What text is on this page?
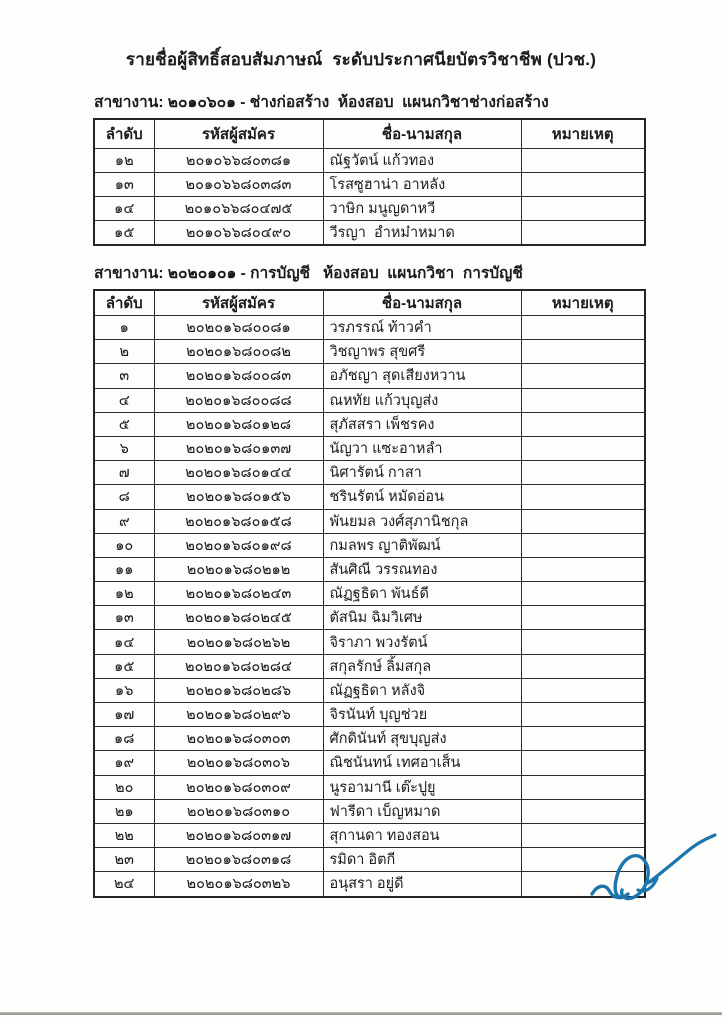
รายชื่อผู้สิทธิ์สอบสัมภาษณ์  ระดับประกาศนียบัตรวิชาชีพ (ปวช.)
สาขางาน: ๒๐๑๐๖๐๑ - ช่างก่อสร้าง  ห้องสอบ  แผนกวิชาช่างก่อสร้าง
ลำดับ	รหัสผู้สมัคร	ชื่อ-นามสกุล	หมายเหตุ
๑๒	๒๐๑๐๖๖๘๐๓๘๑	ณัฐวัตน์ แก้วทอง	
๑๓	๒๐๑๐๖๖๘๐๓๘๓	โรสซูฮาน่า อาหลัง	
๑๔	๒๐๑๐๖๖๘๐๔๗๕	วาษิก มนูญดาหวี	
๑๕	๒๐๑๐๖๖๘๐๔๙๐	วีรญา  อำหม๋าหมาด	
สาขางาน: ๒๐๒๐๑๐๑ - การบัญชี   ห้องสอบ  แผนกวิชา  การบัญชี
ลำดับ	รหัสผู้สมัคร	ชื่อ-นามสกุล	หมายเหตุ
๑	๒๐๒๐๑๖๘๐๐๘๑	วรภรรณ์ ท้าวคำ	
๒	๒๐๒๐๑๖๘๐๐๘๒	วิชญาพร สุขศรี	
๓	๒๐๒๐๑๖๘๐๐๘๓	อภัชญา สุดเสียงหวาน	
๔	๒๐๒๐๑๖๘๐๐๘๘	ณหทัย แก้วบุญส่ง	
๕	๒๐๒๐๑๖๘๐๑๒๘	สุภัสสรา เพ็ชรคง	
๖	๒๐๒๐๑๖๘๐๑๓๗	นัญวา แซะอาหลำ	
๗	๒๐๒๐๑๖๘๐๑๔๔	นิศารัตน์ กาสา	
๘	๒๐๒๐๑๖๘๐๑๕๖	ชรินรัตน์ หมัดอ่อน	
๙	๒๐๒๐๑๖๘๐๑๕๘	พันยมล วงศ์สุภานิชกุล	
๑๐	๒๐๒๐๑๖๘๐๑๙๘	กมลพร ญาติพัฒน์	
๑๑	๒๐๒๐๑๖๘๐๒๑๒	สันศิณี วรรณทอง	
๑๒	๒๐๒๐๑๖๘๐๒๔๓	ณัฏฐธิดา พันธ์ดี	
๑๓	๒๐๒๐๑๖๘๐๒๔๕	ตัสนิม ฉิมวิเศษ	
๑๔	๒๐๒๐๑๖๘๐๒๖๒	จิราภา พวงรัตน์	
๑๕	๒๐๒๐๑๖๘๐๒๘๔	สกุลรักษ์ ลิ้มสกุล	
๑๖	๒๐๒๐๑๖๘๐๒๘๖	ณัฏฐธิดา หลังจิ	
๑๗	๒๐๒๐๑๖๘๐๒๙๖	จิรนันท์ บุญช่วย	
๑๘	๒๐๒๐๑๖๘๐๓๐๓	ศักดินันท์ สุขบุญส่ง	
๑๙	๒๐๒๐๑๖๘๐๓๐๖	ณิชนันทน์ เทศอาเส็น	
๒๐	๒๐๒๐๑๖๘๐๓๐๙	นูรอามานี เต๊ะปูยู	
๒๑	๒๐๒๐๑๖๘๐๓๑๐	ฟารีดา เบ็ญหมาด	
๒๒	๒๐๒๐๑๖๘๐๓๑๗	สุกานดา ทองสอน	
๒๓	๒๐๒๐๑๖๘๐๓๑๘	รมิดา อิตกี	
๒๔	๒๐๒๐๑๖๘๐๓๒๖	อนุสรา อยู่ดี	
